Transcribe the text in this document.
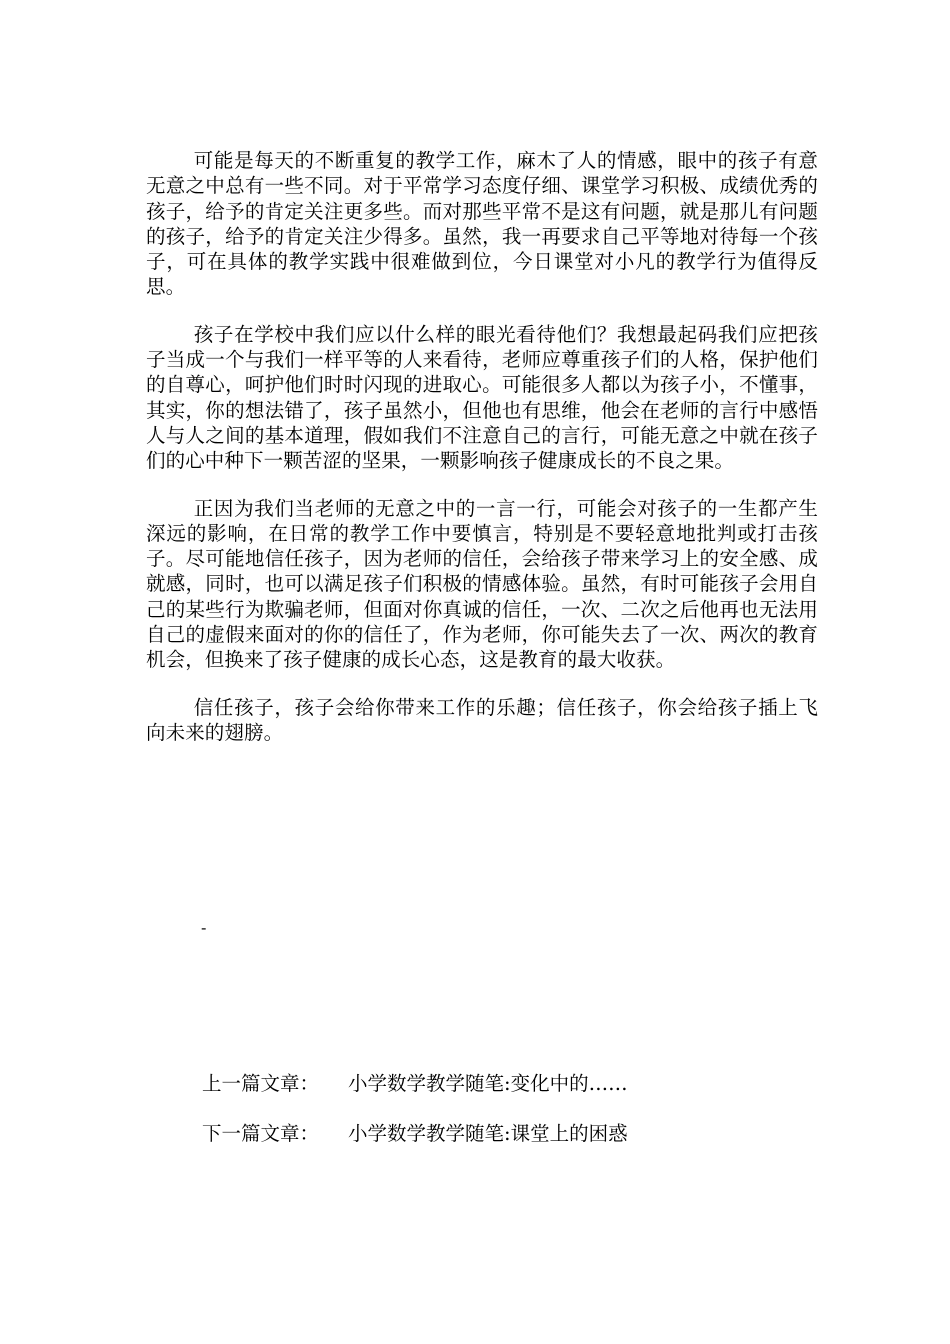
可能是每天的不断重复的教学工作，麻木了人的情感，眼中的孩子有意无意之中总有一些不同。对于平常学习态度仔细、课堂学习积极、成绩优秀的孩子，给予的肯定关注更多些。而对那些平常不是这有问题，就是那儿有问题的孩子，给予的肯定关注少得多。虽然，我一再要求自己平等地对待每一个孩子，可在具体的教学实践中很难做到位，今日课堂对小凡的教学行为值得反思。

孩子在学校中我们应以什么样的眼光看待他们？我想最起码我们应把孩子当成一个与我们一样平等的人来看待，老师应尊重孩子们的人格，保护他们的自尊心，呵护他们时时闪现的进取心。可能很多人都以为孩子小，不懂事，其实，你的想法错了，孩子虽然小，但他也有思维，他会在老师的言行中感悟人与人之间的基本道理，假如我们不注意自己的言行，可能无意之中就在孩子们的心中种下一颗苦涩的坚果，一颗影响孩子健康成长的不良之果。

正因为我们当老师的无意之中的一言一行，可能会对孩子的一生都产生深远的影响，在日常的教学工作中要慎言，特别是不要轻意地批判或打击孩子。尽可能地信任孩子，因为老师的信任，会给孩子带来学习上的安全感、成就感，同时，也可以满足孩子们积极的情感体验。虽然，有时可能孩子会用自己的某些行为欺骗老师，但面对你真诚的信任，一次、二次之后他再也无法用自己的虚假来面对的你的信任了，作为老师，你可能失去了一次、两次的教育机会，但换来了孩子健康的成长心态，这是教育的最大收获。

信任孩子，孩子会给你带来工作的乐趣；信任孩子，你会给孩子插上飞向未来的翅膀。

-
上一篇文章： 小学数学教学随笔:变化中的……
下一篇文章： 小学数学教学随笔:课堂上的困惑
